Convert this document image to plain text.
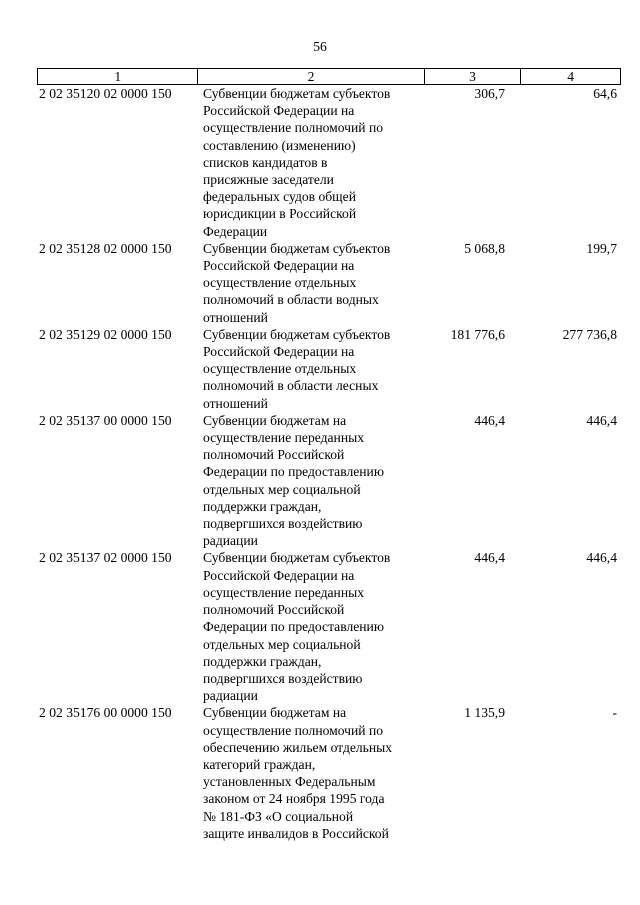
56
1	2	3	4
2 02 35120 02 0000 150	Субвенции бюджетам субъектов
Российской Федерации на
осуществление полномочий по
составлению (изменению)
списков кандидатов в
присяжные заседатели
федеральных судов общей
юрисдикции в Российской
Федерации
306,7	64,6
2 02 35128 02 0000 150	Субвенции бюджетам субъектов
Российской Федерации на
осуществление отдельных
полномочий в области водных
отношений
5 068,8	199,7
2 02 35129 02 0000 150	Субвенции бюджетам субъектов
Российской Федерации на
осуществление отдельных
полномочий в области лесных
отношений
181 776,6	277 736,8
2 02 35137 00 0000 150	Субвенции бюджетам на
осуществление переданных
полномочий Российской
Федерации по предоставлению
отдельных мер социальной
поддержки граждан,
подвергшихся воздействию
радиации
446,4	446,4
2 02 35137 02 0000 150	Субвенции бюджетам субъектов
Российской Федерации на
осуществление переданных
полномочий Российской
Федерации по предоставлению
отдельных мер социальной
поддержки граждан,
подвергшихся воздействию
радиации
446,4	446,4
2 02 35176 00 0000 150	Субвенции бюджетам на
осуществление полномочий по
обеспечению жильем отдельных
категорий граждан,
установленных Федеральным
законом от 24 ноября 1995 года
№ 181-ФЗ «О социальной
защите инвалидов в Российской
1 135,9	-
